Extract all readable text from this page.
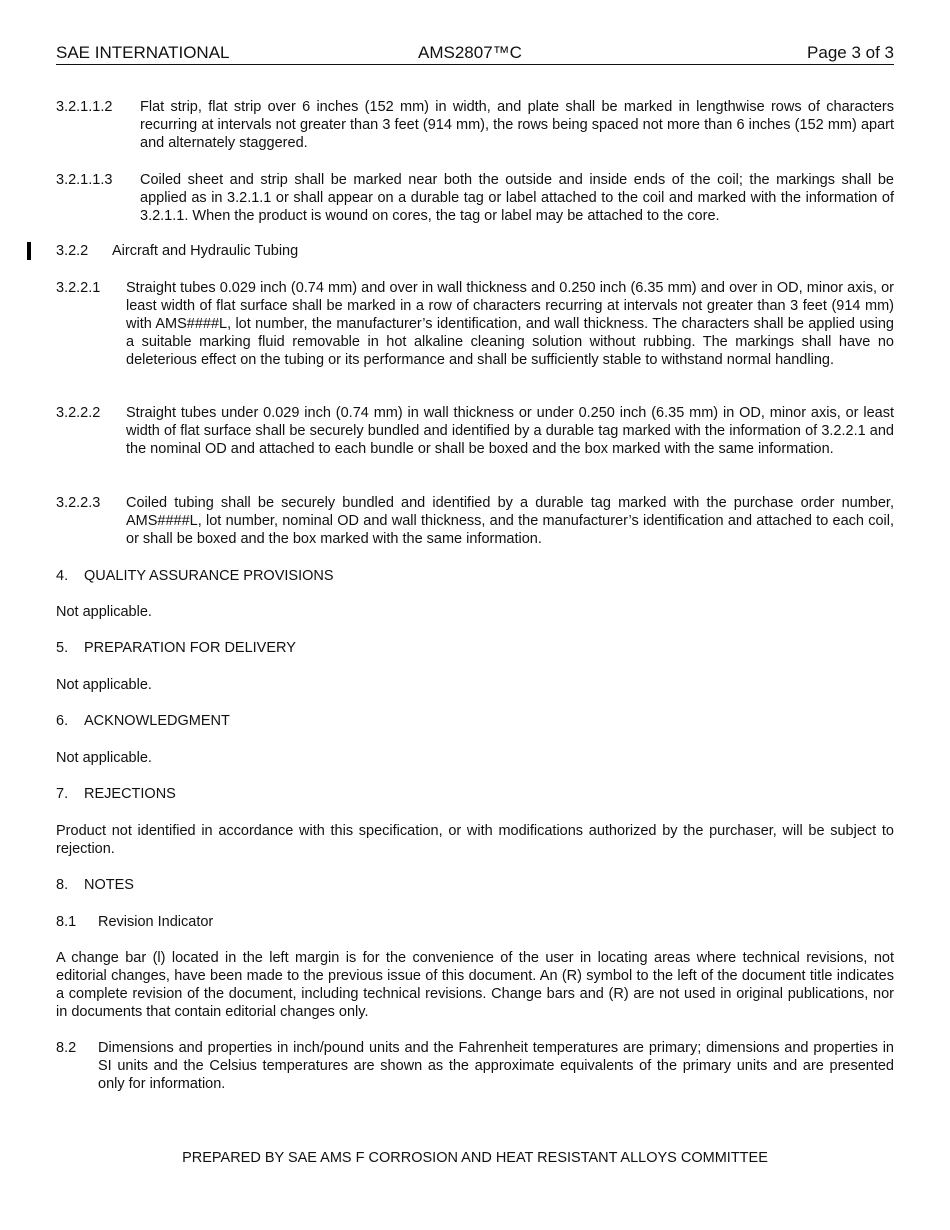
SAE INTERNATIONAL	AMS2807™C	Page 3 of 3
3.2.1.1.2 Flat strip, flat strip over 6 inches (152 mm) in width, and plate shall be marked in lengthwise rows of characters recurring at intervals not greater than 3 feet (914 mm), the rows being spaced not more than 6 inches (152 mm) apart and alternately staggered.
3.2.1.1.3 Coiled sheet and strip shall be marked near both the outside and inside ends of the coil; the markings shall be applied as in 3.2.1.1 or shall appear on a durable tag or label attached to the coil and marked with the information of 3.2.1.1. When the product is wound on cores, the tag or label may be attached to the core.
3.2.2 Aircraft and Hydraulic Tubing
3.2.2.1 Straight tubes 0.029 inch (0.74 mm) and over in wall thickness and 0.250 inch (6.35 mm) and over in OD, minor axis, or least width of flat surface shall be marked in a row of characters recurring at intervals not greater than 3 feet (914 mm) with AMS####L, lot number, the manufacturer’s identification, and wall thickness. The characters shall be applied using a suitable marking fluid removable in hot alkaline cleaning solution without rubbing. The markings shall have no deleterious effect on the tubing or its performance and shall be sufficiently stable to withstand normal handling.
3.2.2.2 Straight tubes under 0.029 inch (0.74 mm) in wall thickness or under 0.250 inch (6.35 mm) in OD, minor axis, or least width of flat surface shall be securely bundled and identified by a durable tag marked with the information of 3.2.2.1 and the nominal OD and attached to each bundle or shall be boxed and the box marked with the same information.
3.2.2.3 Coiled tubing shall be securely bundled and identified by a durable tag marked with the purchase order number, AMS####L, lot number, nominal OD and wall thickness, and the manufacturer’s identification and attached to each coil, or shall be boxed and the box marked with the same information.
4. QUALITY ASSURANCE PROVISIONS
Not applicable.
5. PREPARATION FOR DELIVERY
Not applicable.
6. ACKNOWLEDGMENT
Not applicable.
7. REJECTIONS
Product not identified in accordance with this specification, or with modifications authorized by the purchaser, will be subject to rejection.
8. NOTES
8.1 Revision Indicator
A change bar (l) located in the left margin is for the convenience of the user in locating areas where technical revisions, not editorial changes, have been made to the previous issue of this document. An (R) symbol to the left of the document title indicates a complete revision of the document, including technical revisions. Change bars and (R) are not used in original publications, nor in documents that contain editorial changes only.
8.2 Dimensions and properties in inch/pound units and the Fahrenheit temperatures are primary; dimensions and properties in SI units and the Celsius temperatures are shown as the approximate equivalents of the primary units and are presented only for information.
PREPARED BY SAE AMS F CORROSION AND HEAT RESISTANT ALLOYS COMMITTEE
